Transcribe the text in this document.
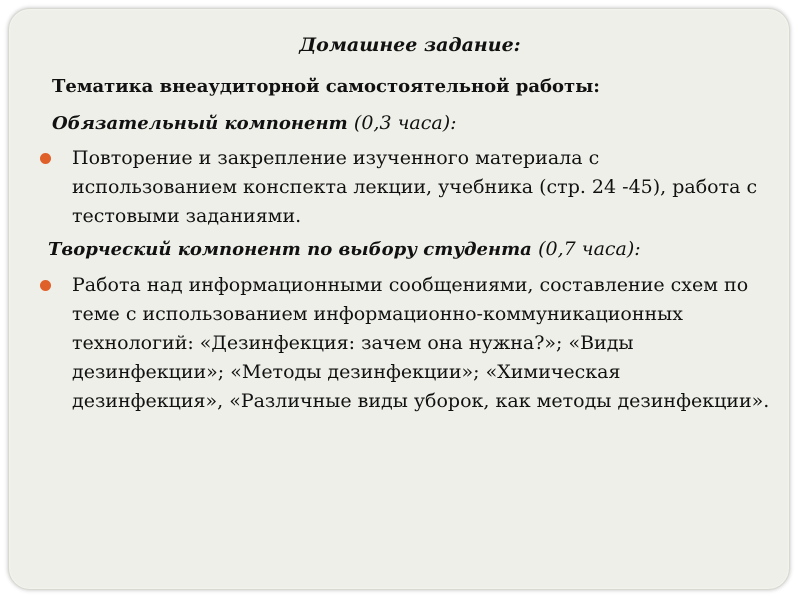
Домашнее задание:
Тематика внеаудиторной самостоятельной работы:
Обязательный компонент (0,3 часа):
Повторение и закрепление изученного материала с использованием конспекта лекции, учебника (стр. 24 -45), работа с тестовыми заданиями.
Творческий компонент по выбору студента (0,7 часа):
Работа над информационными сообщениями, составление схем по теме с использованием информационно-коммуникационных технологий: «Дезинфекция: зачем она нужна?»; «Виды дезинфекции»; «Методы дезинфекции»; «Химическая дезинфекция», «Различные виды уборок, как методы дезинфекции».
